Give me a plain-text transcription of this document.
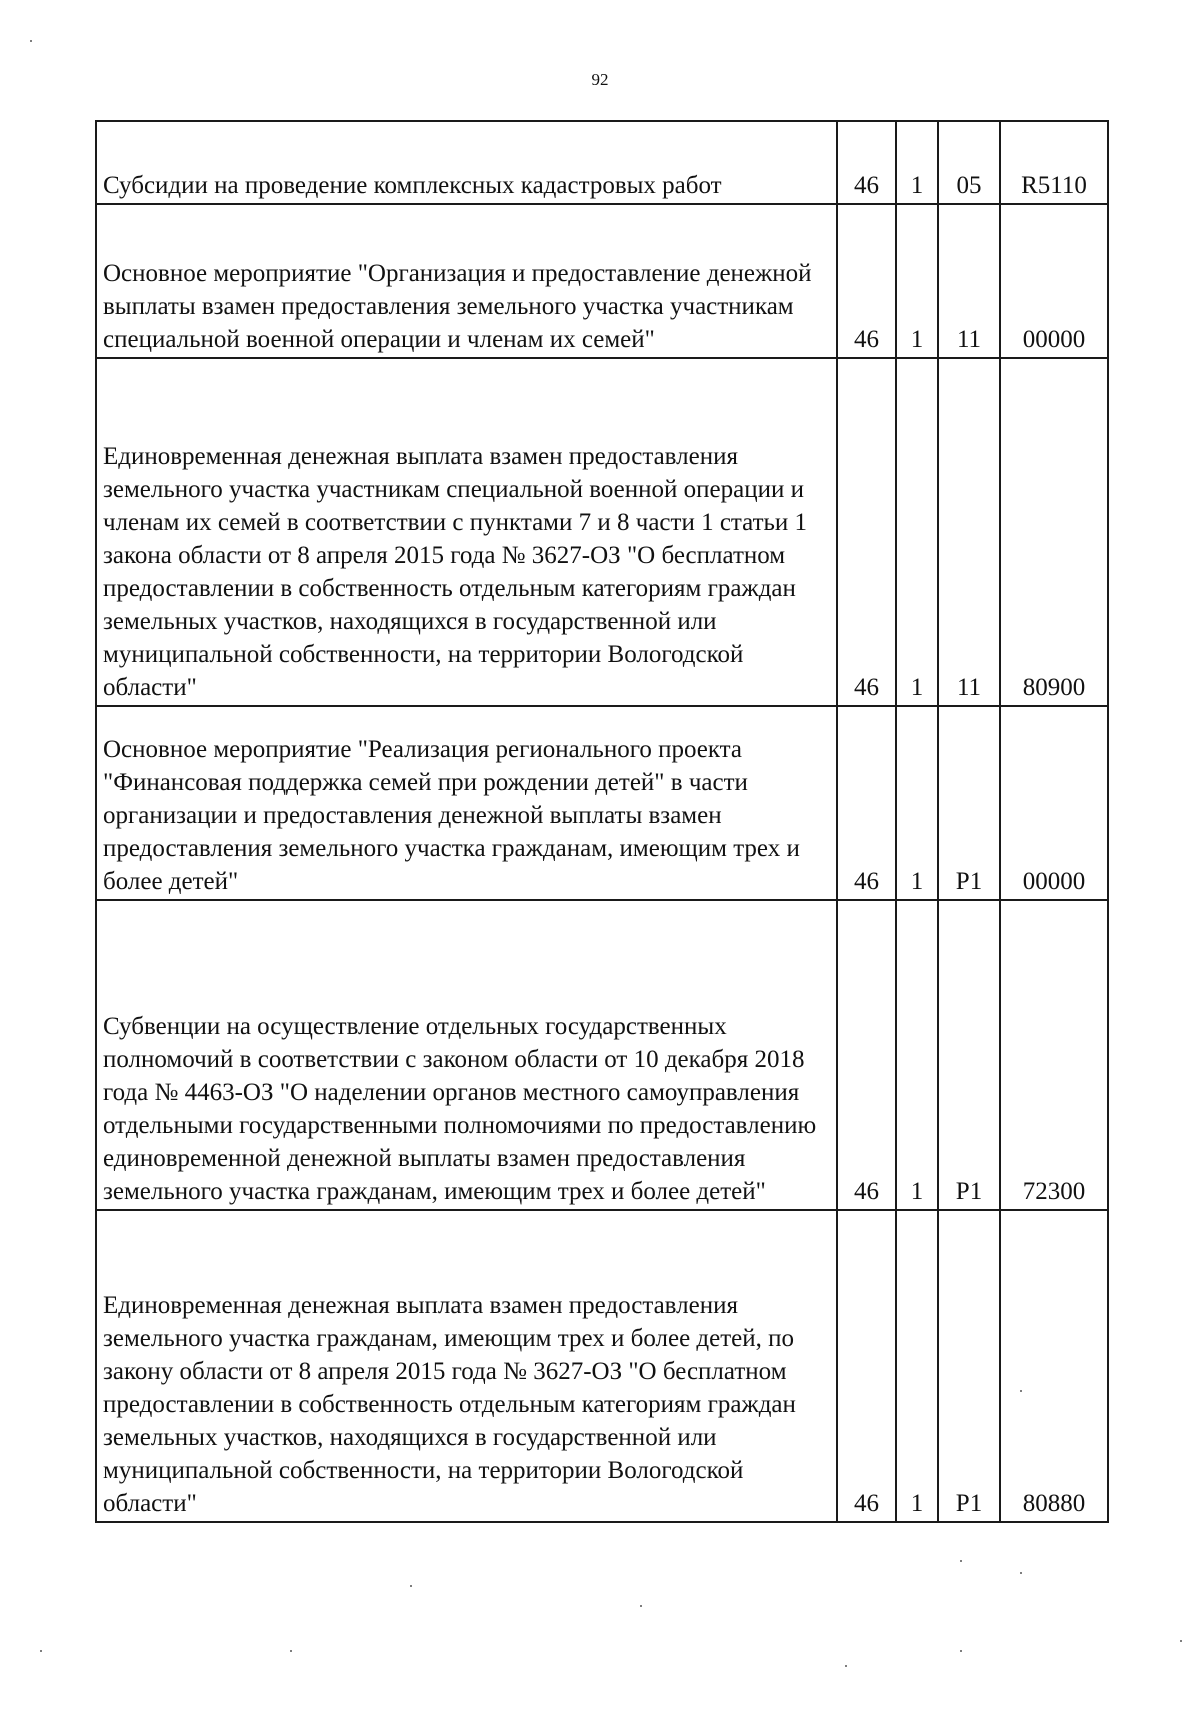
92
Субсидии на проведение комплексных кадастровых работ	46	1	05	R5110
Основное мероприятие "Организация и предоставление денежной выплаты взамен предоставления земельного участка участникам специальной военной операции и членам их семей"	46	1	11	00000
Единовременная денежная выплата взамен предоставления земельного участка участникам специальной военной операции и членам их семей в соответствии с пунктами 7 и 8 части 1 статьи 1 закона области от 8 апреля 2015 года № 3627-ОЗ "О бесплатном предоставлении в собственность отдельным категориям граждан земельных участков, находящихся в государственной или муниципальной собственности, на территории Вологодской области"	46	1	11	80900
Основное мероприятие "Реализация регионального проекта "Финансовая поддержка семей при рождении детей" в части организации и предоставления денежной выплаты взамен предоставления земельного участка гражданам, имеющим трех и более детей"	46	1	P1	00000
Субвенции на осуществление отдельных государственных полномочий в соответствии с законом области от 10 декабря 2018 года № 4463-ОЗ "О наделении органов местного самоуправления отдельными государственными полномочиями по предоставлению единовременной денежной выплаты взамен предоставления земельного участка гражданам, имеющим трех и более детей"	46	1	P1	72300
Единовременная денежная выплата взамен предоставления земельного участка гражданам, имеющим трех и более детей, по закону области от 8 апреля 2015 года № 3627-ОЗ "О бесплатном предоставлении в собственность отдельным категориям граждан земельных участков, находящихся в государственной или муниципальной собственности, на территории Вологодской области"	46	1	P1	80880
